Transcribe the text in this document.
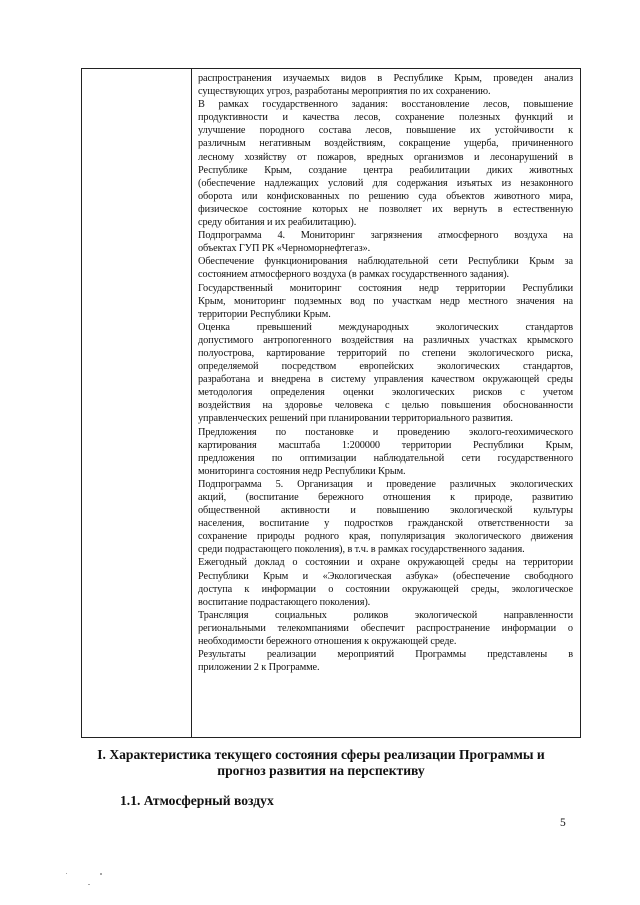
распространения изучаемых видов в Республике Крым, проведен анализ
существующих угроз, разработаны мероприятия по их сохранению.
В рамках государственного задания: восстановление лесов, повышение
продуктивности и качества лесов, сохранение полезных функций и
улучшение породного состава лесов, повышение их устойчивости к
различным негативным воздействиям, сокращение ущерба, причиненного
лесному хозяйству от пожаров, вредных организмов и лесонарушений в
Республике Крым, создание центра реабилитации диких животных
(обеспечение надлежащих условий для содержания изъятых из незаконного
оборота или конфискованных по решению суда объектов животного мира,
физическое состояние которых не позволяет их вернуть в естественную
среду обитания и их реабилитацию).
Подпрограмма 4. Мониторинг загрязнения атмосферного воздуха на
объектах ГУП РК «Черноморнефтегаз».
Обеспечение функционирования наблюдательной сети Республики Крым за
состоянием атмосферного воздуха (в рамках государственного задания).
Государственный мониторинг состояния недр территории Республики
Крым, мониторинг подземных вод по участкам недр местного значения на
территории Республики Крым.
Оценка превышений международных экологических стандартов
допустимого антропогенного воздействия на различных участках крымского
полуострова, картирование территорий по степени экологического риска,
определяемой посредством европейских экологических стандартов,
разработана и внедрена в систему управления качеством окружающей среды
методология определения оценки экологических рисков с учетом
воздействия на здоровье человека с целью повышения обоснованности
управленческих решений при планировании территориального развития.
Предложения по постановке и проведению эколого-геохимического
картирования масштаба 1:200000 территории Республики Крым,
предложения по оптимизации наблюдательной сети государственного
мониторинга состояния недр Республики Крым.
Подпрограмма 5. Организация и проведение различных экологических
акций, (воспитание бережного отношения к природе, развитию
общественной активности и повышению экологической культуры
населения, воспитание у подростков гражданской ответственности за
сохранение природы родного края, популяризация экологического движения
среди подрастающего поколения), в т.ч. в рамках государственного задания.
Ежегодный доклад о состоянии и охране окружающей среды на территории
Республики Крым и «Экологическая азбука» (обеспечение свободного
доступа к информации о состоянии окружающей среды, экологическое
воспитание подрастающего поколения).
Трансляция социальных роликов экологической направленности
региональными телекомпаниями обеспечит распространение информации о
необходимости бережного отношения к окружающей среде.
Результаты реализации мероприятий Программы представлены в
приложении 2 к Программе.
I. Характеристика текущего состояния сферы реализации Программы и
прогноз развития на перспективу
1.1. Атмосферный воздух
5
